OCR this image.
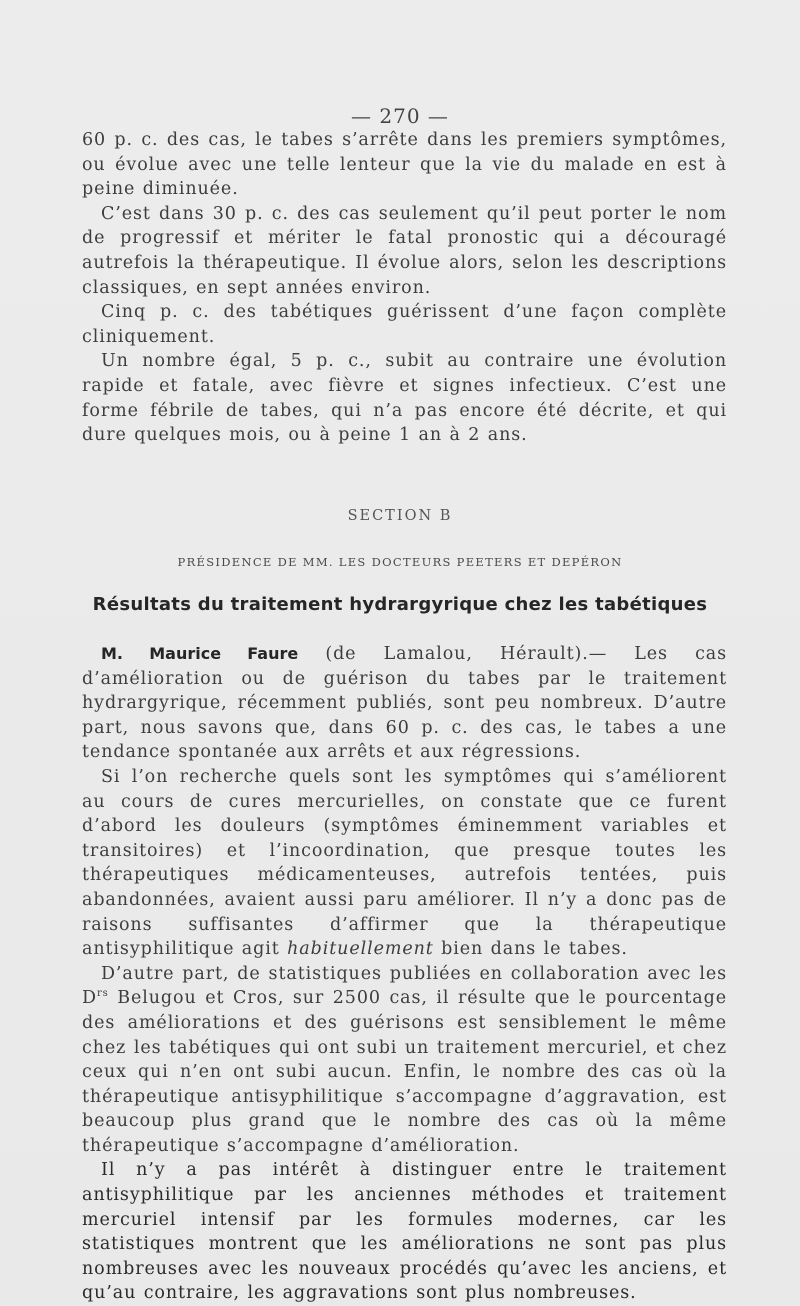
— 270 —

60 p. c. des cas, le tabes s’arrête dans les premiers symptômes, ou évolue avec une telle lenteur que la vie du malade en est à peine diminuée.

C’est dans 30 p. c. des cas seulement qu’il peut porter le nom de progressif et mériter le fatal pronostic qui a découragé autrefois la thérapeutique. Il évolue alors, selon les descriptions classiques, en sept années environ.

Cinq p. c. des tabétiques guérissent d’une façon complète cliniquement.

Un nombre égal, 5 p. c., subit au contraire une évolution rapide et fatale, avec fièvre et signes infectieux. C’est une forme fébrile de tabes, qui n’a pas encore été décrite, et qui dure quelques mois, ou à peine 1 an à 2 ans.

SECTION B
PRÉSIDENCE DE MM. LES DOCTEURS PEETERS ET DEPÉRON
Résultats du traitement hydrargyrique chez les tabétiques

M. Maurice Faure (de Lamalou, Hérault).— Les cas d’amélioration ou de guérison du tabes par le traitement hydrargyrique, récemment publiés, sont peu nombreux. D’autre part, nous savons que, dans 60 p. c. des cas, le tabes a une tendance spontanée aux arrêts et aux régressions.

Si l’on recherche quels sont les symptômes qui s’améliorent au cours de cures mercurielles, on constate que ce furent d’abord les douleurs (symptômes éminemment variables et transitoires) et l’incoordination, que presque toutes les thérapeutiques médicamenteuses, autrefois tentées, puis abandonnées, avaient aussi paru améliorer. Il n’y a donc pas de raisons suffisantes d’affirmer que la thérapeutique antisyphilitique agit habituellement bien dans le tabes.

D’autre part, de statistiques publiées en collaboration avec les $D^{rs}$ Belugou et Cros, sur 2500 cas, il résulte que le pourcentage des améliorations et des guérisons est sensiblement le même chez les tabétiques qui ont subi un traitement mercuriel, et chez ceux qui n’en ont subi aucun. Enfin, le nombre des cas où la thérapeutique antisyphilitique s’accompagne d’aggravation, est beaucoup plus grand que le nombre des cas où la même thérapeutique s’accompagne d’amélioration.

Il n’y a pas intérêt à distinguer entre le traitement antisyphilitique par les anciennes méthodes et traitement mercuriel intensif par les formules modernes, car les statistiques montrent que les améliorations ne sont pas plus nombreuses avec les nouveaux procédés qu’avec les anciens, et qu’au contraire, les aggravations sont plus nombreuses.
